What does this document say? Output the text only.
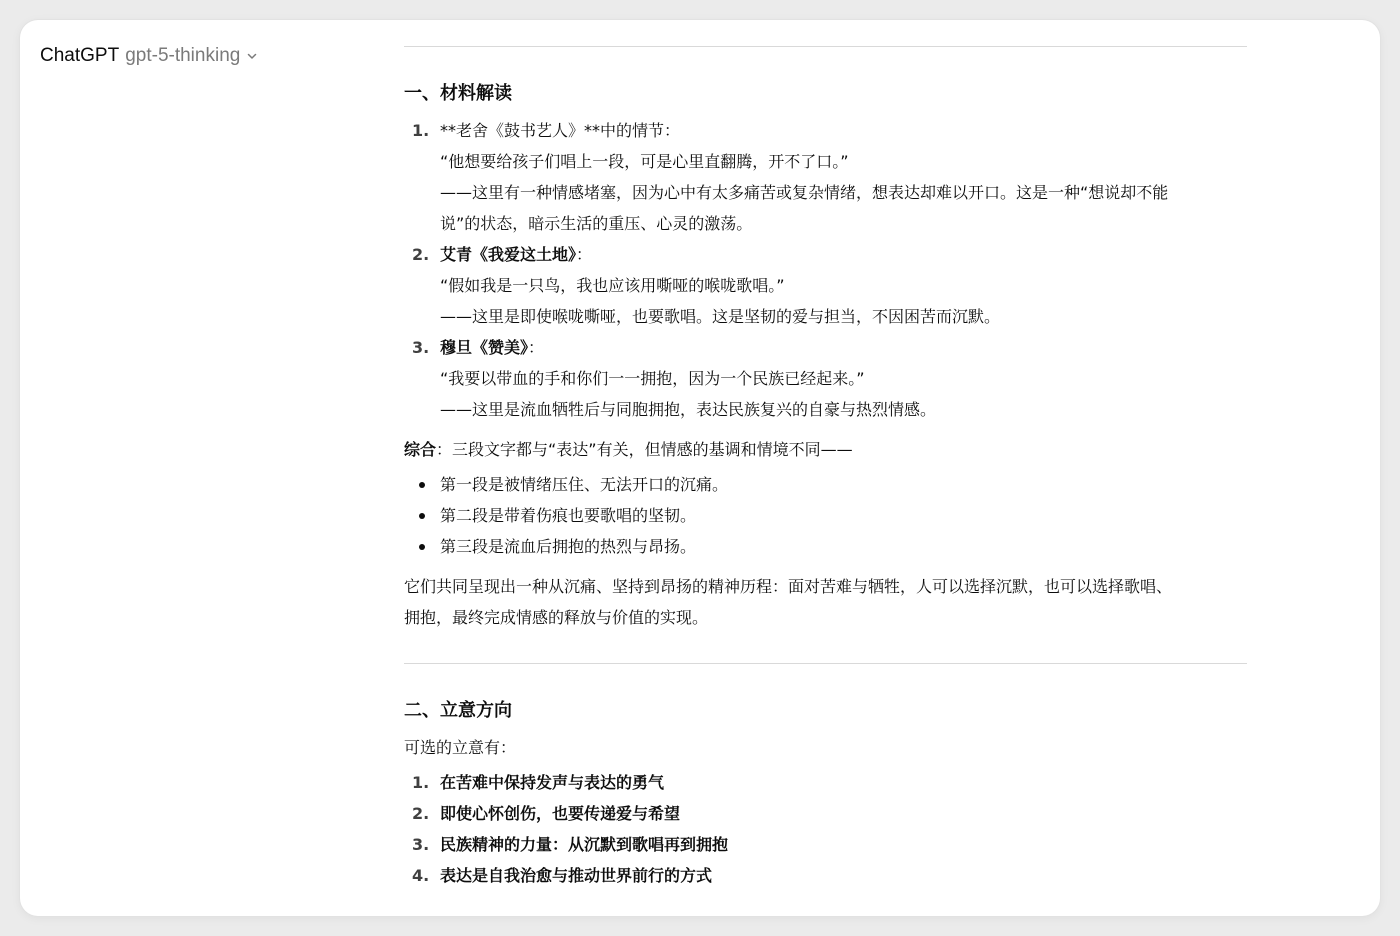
ChatGPT gpt-5-thinking
一、材料解读
1. **老舍《鼓书艺人》**中的情节：
“他想要给孩子们唱上一段，可是心里直翻腾，开不了口。”
——这里有一种情感堵塞，因为心中有太多痛苦或复杂情绪，想表达却难以开口。这是一种“想说却不能
说”的状态，暗示生活的重压、心灵的激荡。
2. 艾青《我爱这土地》：
“假如我是一只鸟，我也应该用嘶哑的喉咙歌唱。”
——这里是即使喉咙嘶哑，也要歌唱。这是坚韧的爱与担当，不因困苦而沉默。
3. 穆旦《赞美》：
“我要以带血的手和你们一一拥抱，因为一个民族已经起来。”
——这里是流血牺牲后与同胞拥抱，表达民族复兴的自豪与热烈情感。

综合：三段文字都与“表达”有关，但情感的基调和情境不同——

第一段是被情绪压住、无法开口的沉痛。
第二段是带着伤痕也要歌唱的坚韧。
第三段是流血后拥抱的热烈与昂扬。

它们共同呈现出一种从沉痛、坚持到昂扬的精神历程：面对苦难与牺牲，人可以选择沉默，也可以选择歌唱、
拥抱，最终完成情感的释放与价值的实现。

二、立意方向

可选的立意有：

1. 在苦难中保持发声与表达的勇气
2. 即使心怀创伤，也要传递爱与希望
3. 民族精神的力量：从沉默到歌唱再到拥抱
4. 表达是自我治愈与推动世界前行的方式
